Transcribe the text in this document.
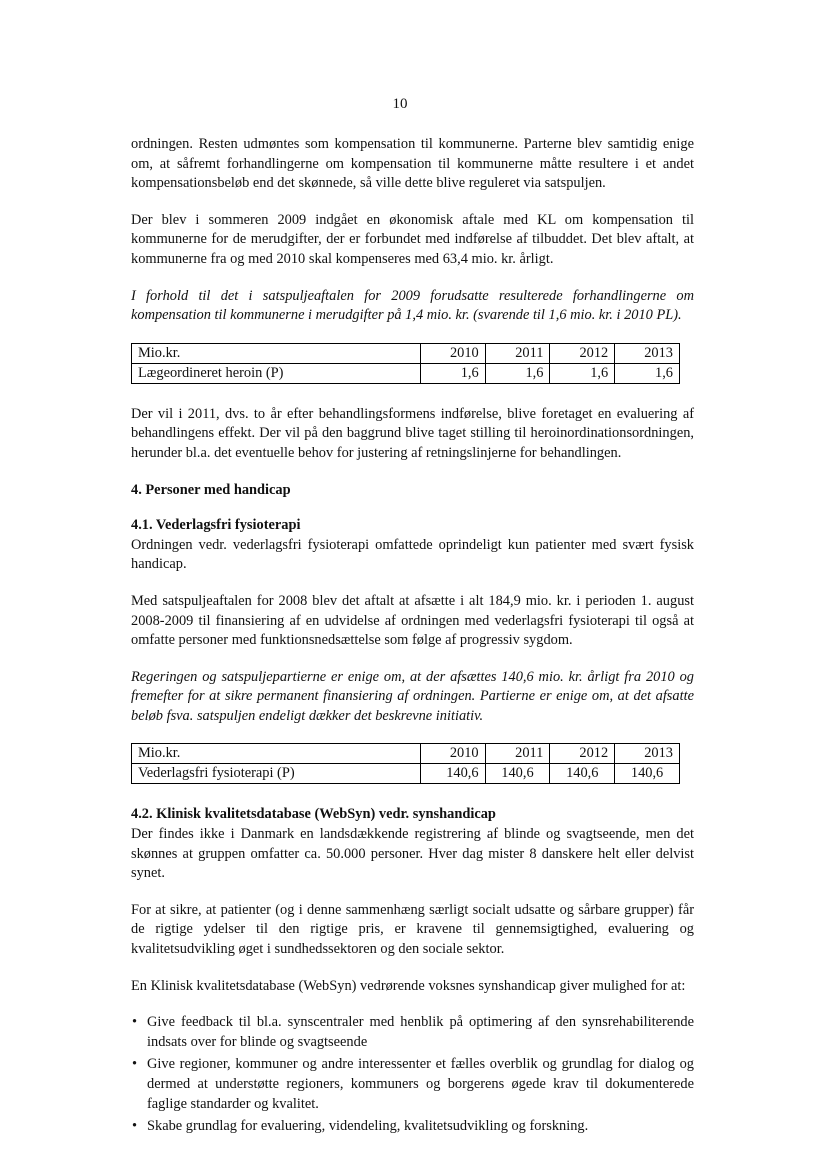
10

ordningen. Resten udmøntes som kompensation til kommunerne. Parterne blev samtidig enige om, at såfremt forhandlingerne om kompensation til kommunerne måtte resultere i et andet kompensationsbeløb end det skønnede, så ville dette blive reguleret via satspuljen.

Der blev i sommeren 2009 indgået en økonomisk aftale med KL om kompensation til kommunerne for de merudgifter, der er forbundet med indførelse af tilbuddet. Det blev aftalt, at kommunerne fra og med 2010 skal kompenseres med 63,4 mio. kr. årligt.

I forhold til det i satspuljeaftalen for 2009 forudsatte resulterede forhandlingerne om kompensation til kommunerne i merudgifter på 1,4 mio. kr. (svarende til 1,6 mio. kr. i 2010 PL).

Mio.kr.	2010	2011	2012	2013
Lægeordineret heroin (P)	1,6	1,6	1,6	1,6

Der vil i 2011, dvs. to år efter behandlingsformens indførelse, blive foretaget en evaluering af behandlingens effekt. Der vil på den baggrund blive taget stilling til heroinordinationsordningen, herunder bl.a. det eventuelle behov for justering af retningslinjerne for behandlingen.

4. Personer med handicap
4.1. Vederlagsfri fysioterapi

Ordningen vedr. vederlagsfri fysioterapi omfattede oprindeligt kun patienter med svært fysisk handicap.

Med satspuljeaftalen for 2008 blev det aftalt at afsætte i alt 184,9 mio. kr. i perioden 1. august 2008-2009 til finansiering af en udvidelse af ordningen med vederlagsfri fysioterapi til også at omfatte personer med funktionsnedsættelse som følge af progressiv sygdom.

Regeringen og satspuljepartierne er enige om, at der afsættes 140,6 mio. kr. årligt fra 2010 og fremefter for at sikre permanent finansiering af ordningen. Partierne er enige om, at det afsatte beløb fsva. satspuljen endeligt dækker det beskrevne initiativ.

Mio.kr.	2010	2011	2012	2013
Vederlagsfri fysioterapi (P)	140,6	140,6	140,6	140,6
4.2. Klinisk kvalitetsdatabase (WebSyn) vedr. synshandicap

Der findes ikke i Danmark en landsdækkende registrering af blinde og svagtseende, men det skønnes at gruppen omfatter ca. 50.000 personer. Hver dag mister 8 danskere helt eller delvist synet.

For at sikre, at patienter (og i denne sammenhæng særligt socialt udsatte og sårbare grupper) får de rigtige ydelser til den rigtige pris, er kravene til gennemsigtighed, evaluering og kvalitetsudvikling øget i sundhedssektoren og den sociale sektor.

En Klinisk kvalitetsdatabase (WebSyn) vedrørende voksnes synshandicap giver mulighed for at:

• Give feedback til bl.a. synscentraler med henblik på optimering af den synsrehabiliterende indsats over for blinde og svagtseende
• Give regioner, kommuner og andre interessenter et fælles overblik og grundlag for dialog og dermed at understøtte regioners, kommuners og borgerens øgede krav til dokumenterede faglige standarder og kvalitet.
• Skabe grundlag for evaluering, videndeling, kvalitetsudvikling og forskning.
